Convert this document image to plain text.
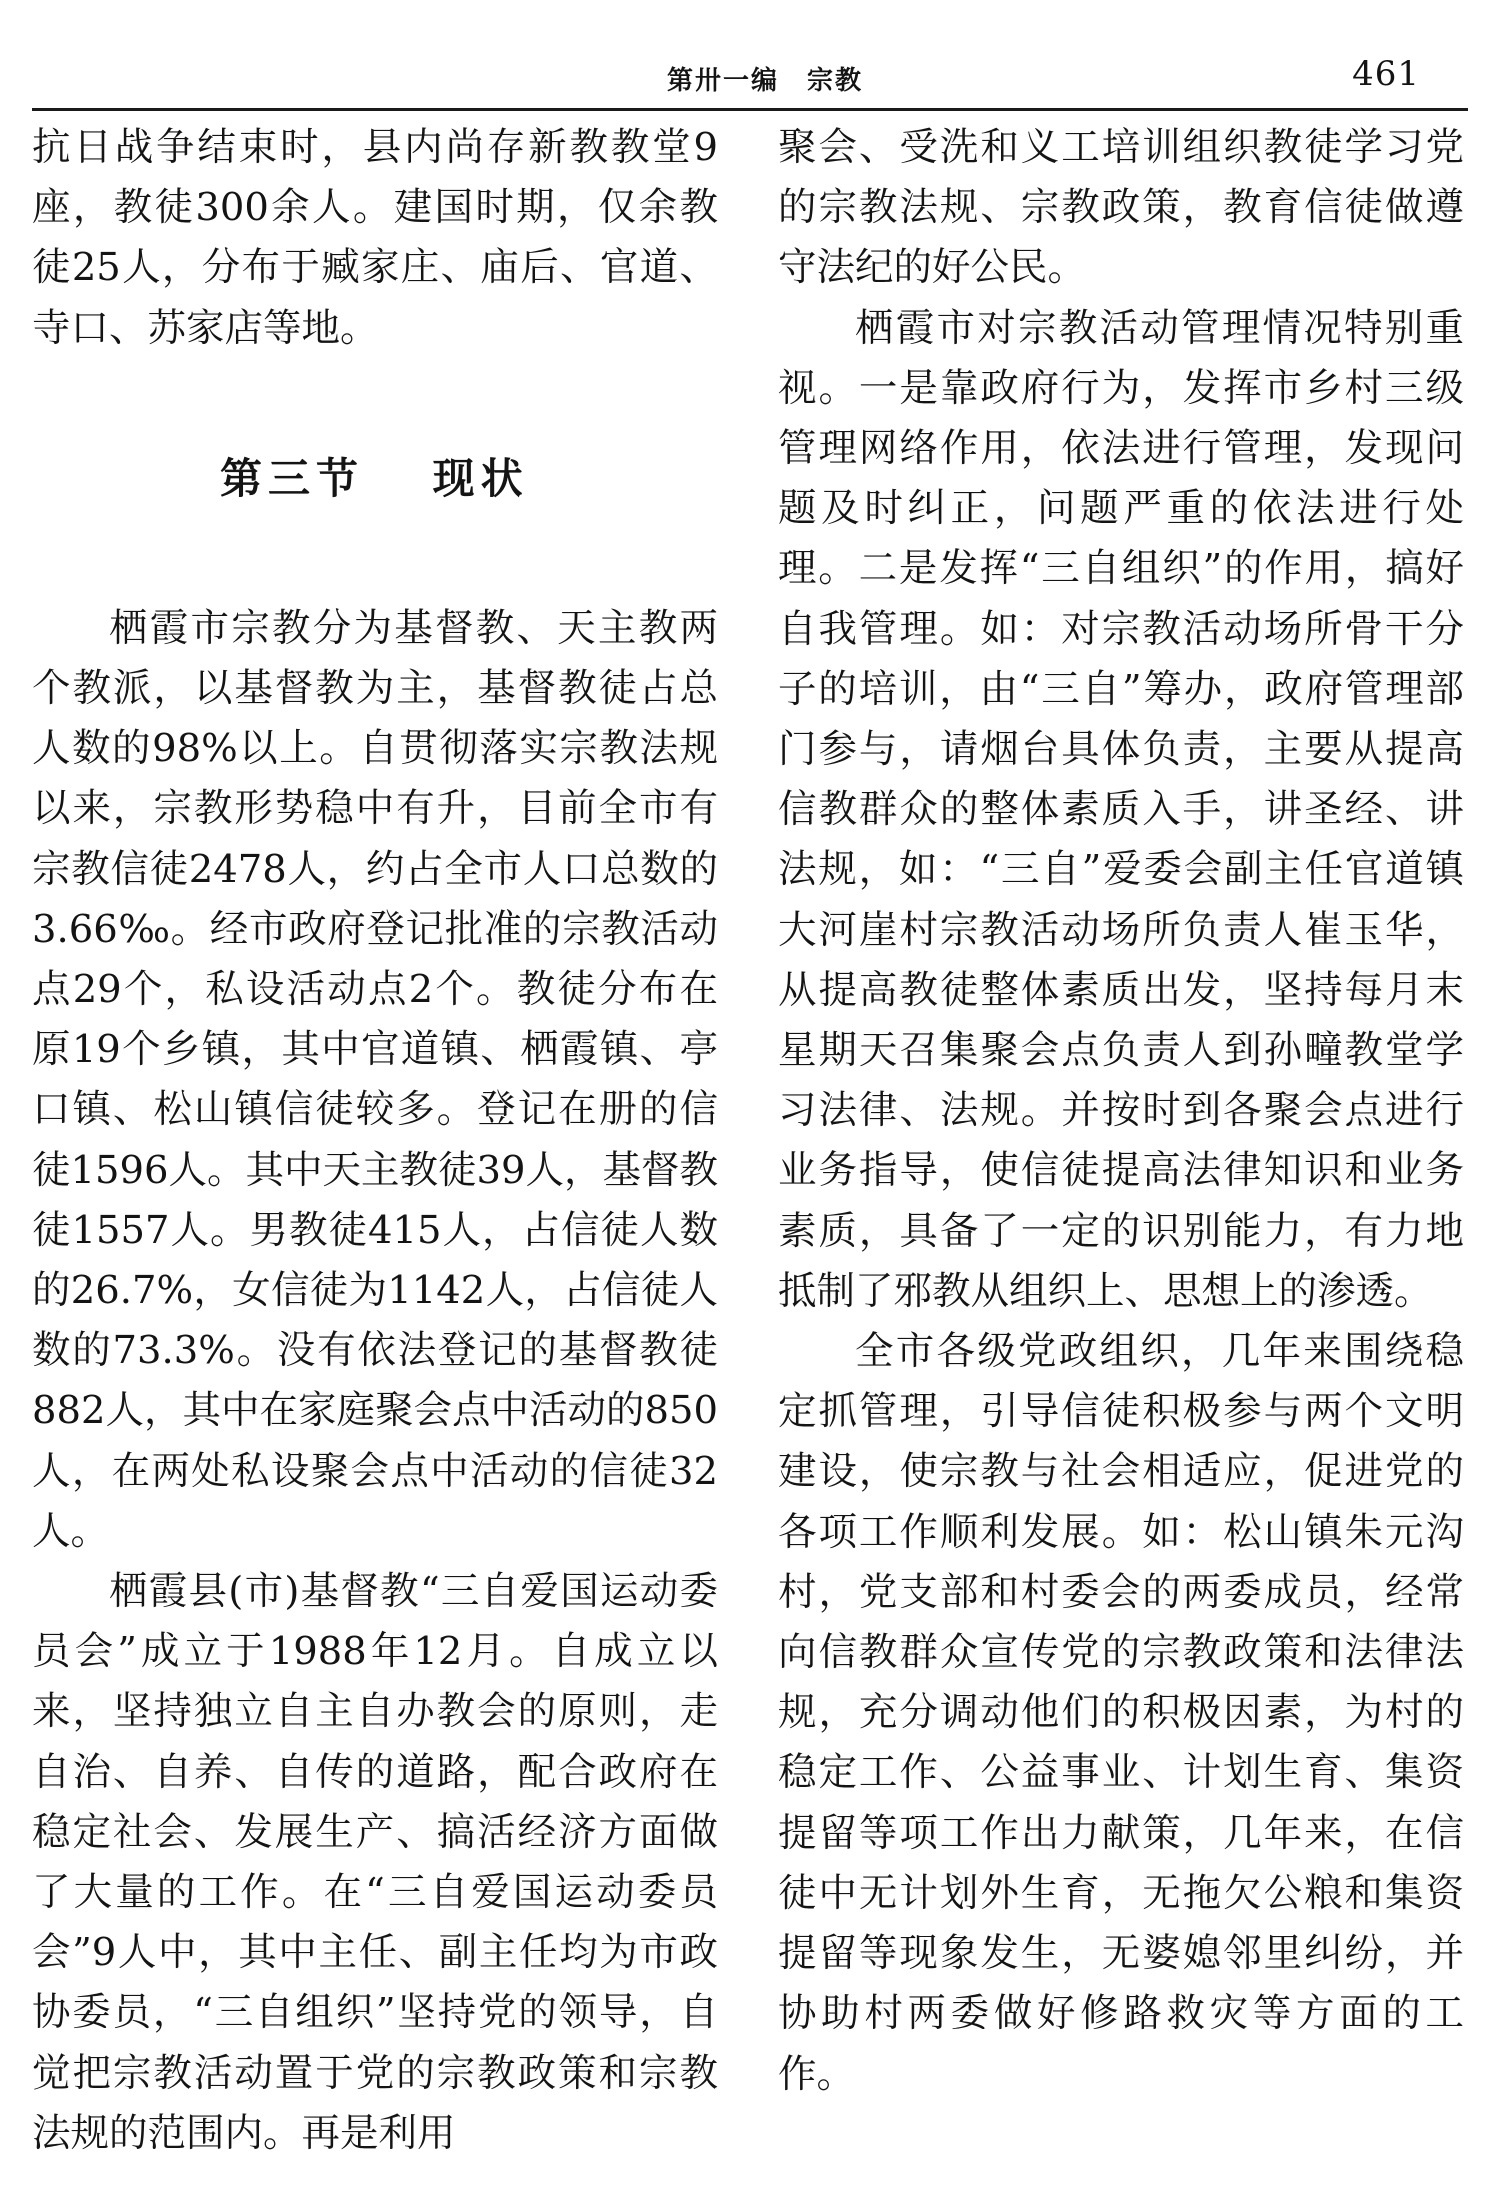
第卅一编　宗教	461

抗日战争结束时，县内尚存新教教堂9座，教徒300余人。建国时期，仅余教徒25人，分布于臧家庄、庙后、官道、寺口、苏家店等地。

第三节　 现状

栖霞市宗教分为基督教、天主教两个教派，以基督教为主，基督教徒占总人数的98%以上。自贯彻落实宗教法规以来，宗教形势稳中有升，目前全市有宗教信徒2478人，约占全市人口总数的3.66‰。经市政府登记批准的宗教活动点29个，私设活动点2个。教徒分布在原19个乡镇，其中官道镇、栖霞镇、亭口镇、松山镇信徒较多。登记在册的信徒1596人。其中天主教徒39人，基督教徒1557人。男教徒415人，占信徒人数的26.7%，女信徒为1142人，占信徒人数的73.3%。没有依法登记的基督教徒882人，其中在家庭聚会点中活动的850人，在两处私设聚会点中活动的信徒32人。

栖霞县(市)基督教“三自爱国运动委员会”成立于1988年12月。自成立以来，坚持独立自主自办教会的原则，走自治、自养、自传的道路，配合政府在稳定社会、发展生产、搞活经济方面做了大量的工作。在“三自爱国运动委员会”9人中，其中主任、副主任均为市政协委员，“三自组织”坚持党的领导，自觉把宗教活动置于党的宗教政策和宗教法规的范围内。再是利用

聚会、受洗和义工培训组织教徒学习党的宗教法规、宗教政策，教育信徒做遵守法纪的好公民。

栖霞市对宗教活动管理情况特别重视。一是靠政府行为，发挥市乡村三级管理网络作用，依法进行管理，发现问题及时纠正，问题严重的依法进行处理。二是发挥“三自组织”的作用，搞好自我管理。如：对宗教活动场所骨干分子的培训，由“三自”筹办，政府管理部门参与，请烟台具体负责，主要从提高信教群众的整体素质入手，讲圣经、讲法规，如：“三自”爱委会副主任官道镇大河崖村宗教活动场所负责人崔玉华，从提高教徒整体素质出发，坚持每月末星期天召集聚会点负责人到孙疃教堂学习法律、法规。并按时到各聚会点进行业务指导，使信徒提高法律知识和业务素质，具备了一定的识别能力，有力地抵制了邪教从组织上、思想上的渗透。

全市各级党政组织，几年来围绕稳定抓管理，引导信徒积极参与两个文明建设，使宗教与社会相适应，促进党的各项工作顺利发展。如：松山镇朱元沟村，党支部和村委会的两委成员，经常向信教群众宣传党的宗教政策和法律法规，充分调动他们的积极因素，为村的稳定工作、公益事业、计划生育、集资提留等项工作出力献策，几年来，在信徒中无计划外生育，无拖欠公粮和集资提留等现象发生，无婆媳邻里纠纷，并协助村两委做好修路救灾等方面的工作。
